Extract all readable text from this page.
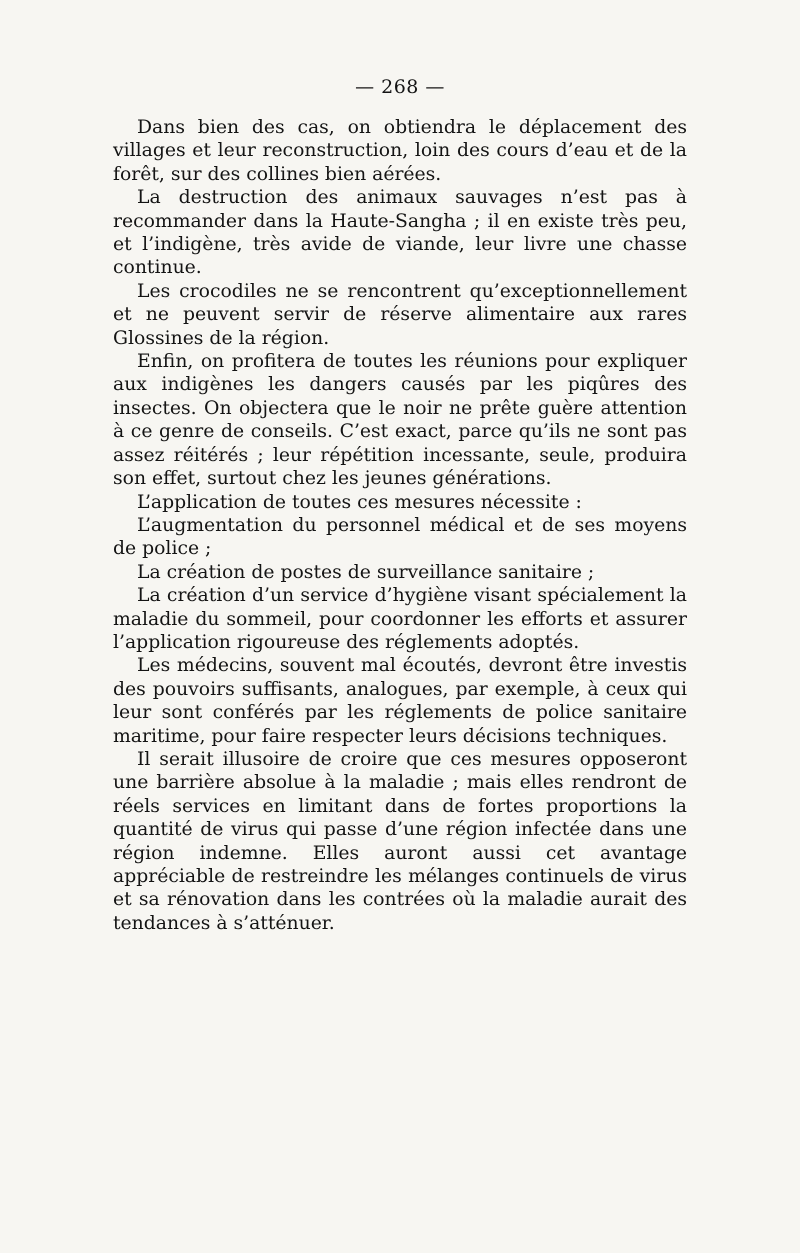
— 268 —

Dans bien des cas, on obtiendra le déplacement des villages et leur reconstruction, loin des cours d’eau et de la forêt, sur des collines bien aérées.

La destruction des animaux sauvages n’est pas à recommander dans la Haute-Sangha ; il en existe très peu, et l’indigène, très avide de viande, leur livre une chasse continue.

Les crocodiles ne se rencontrent qu’exceptionnellement et ne peuvent servir de réserve alimentaire aux rares Glossines de la région.

Enfin, on profitera de toutes les réunions pour expliquer aux indigènes les dangers causés par les piqûres des insectes. On objectera que le noir ne prête guère attention à ce genre de conseils. C’est exact, parce qu’ils ne sont pas assez réitérés ; leur répétition incessante, seule, produira son effet, surtout chez les jeunes générations.

L’application de toutes ces mesures nécessite :

L’augmentation du personnel médical et de ses moyens de police ;

La création de postes de surveillance sanitaire ;

La création d’un service d’hygiène visant spécialement la maladie du sommeil, pour coordonner les efforts et assurer l’application rigoureuse des réglements adoptés.

Les médecins, souvent mal écoutés, devront être investis des pouvoirs suffisants, analogues, par exemple, à ceux qui leur sont conférés par les réglements de police sanitaire maritime, pour faire respecter leurs décisions techniques.

Il serait illusoire de croire que ces mesures opposeront une barrière absolue à la maladie ; mais elles rendront de réels services en limitant dans de fortes proportions la quantité de virus qui passe d’une région infectée dans une région indemne. Elles auront aussi cet avantage appréciable de restreindre les mélanges continuels de virus et sa rénovation dans les contrées où la maladie aurait des tendances à s’atténuer.
